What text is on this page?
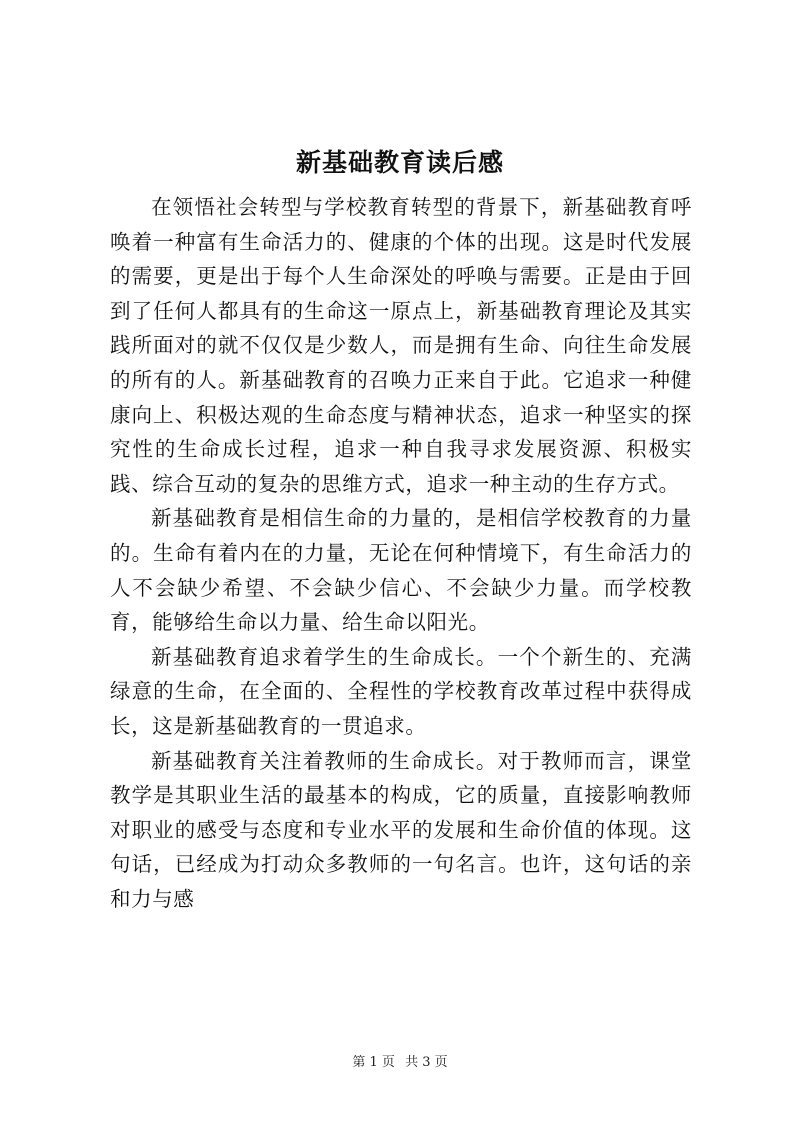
新基础教育读后感

在领悟社会转型与学校教育转型的背景下，新基础教育呼唤着一种富有生命活力的、健康的个体的出现。这是时代发展的需要，更是出于每个人生命深处的呼唤与需要。正是由于回到了任何人都具有的生命这一原点上，新基础教育理论及其实践所面对的就不仅仅是少数人，而是拥有生命、向往生命发展的所有的人。新基础教育的召唤力正来自于此。它追求一种健康向上、积极达观的生命态度与精神状态，追求一种坚实的探究性的生命成长过程，追求一种自我寻求发展资源、积极实践、综合互动的复杂的思维方式，追求一种主动的生存方式。

新基础教育是相信生命的力量的，是相信学校教育的力量的。生命有着内在的力量，无论在何种情境下，有生命活力的人不会缺少希望、不会缺少信心、不会缺少力量。而学校教育，能够给生命以力量、给生命以阳光。

新基础教育追求着学生的生命成长。一个个新生的、充满绿意的生命，在全面的、全程性的学校教育改革过程中获得成长，这是新基础教育的一贯追求。

新基础教育关注着教师的生命成长。对于教师而言，课堂教学是其职业生活的最基本的构成，它的质量，直接影响教师对职业的感受与态度和专业水平的发展和生命价值的体现。这句话，已经成为打动众多教师的一句名言。也许，这句话的亲和力与感

第 1 页 共 3 页
